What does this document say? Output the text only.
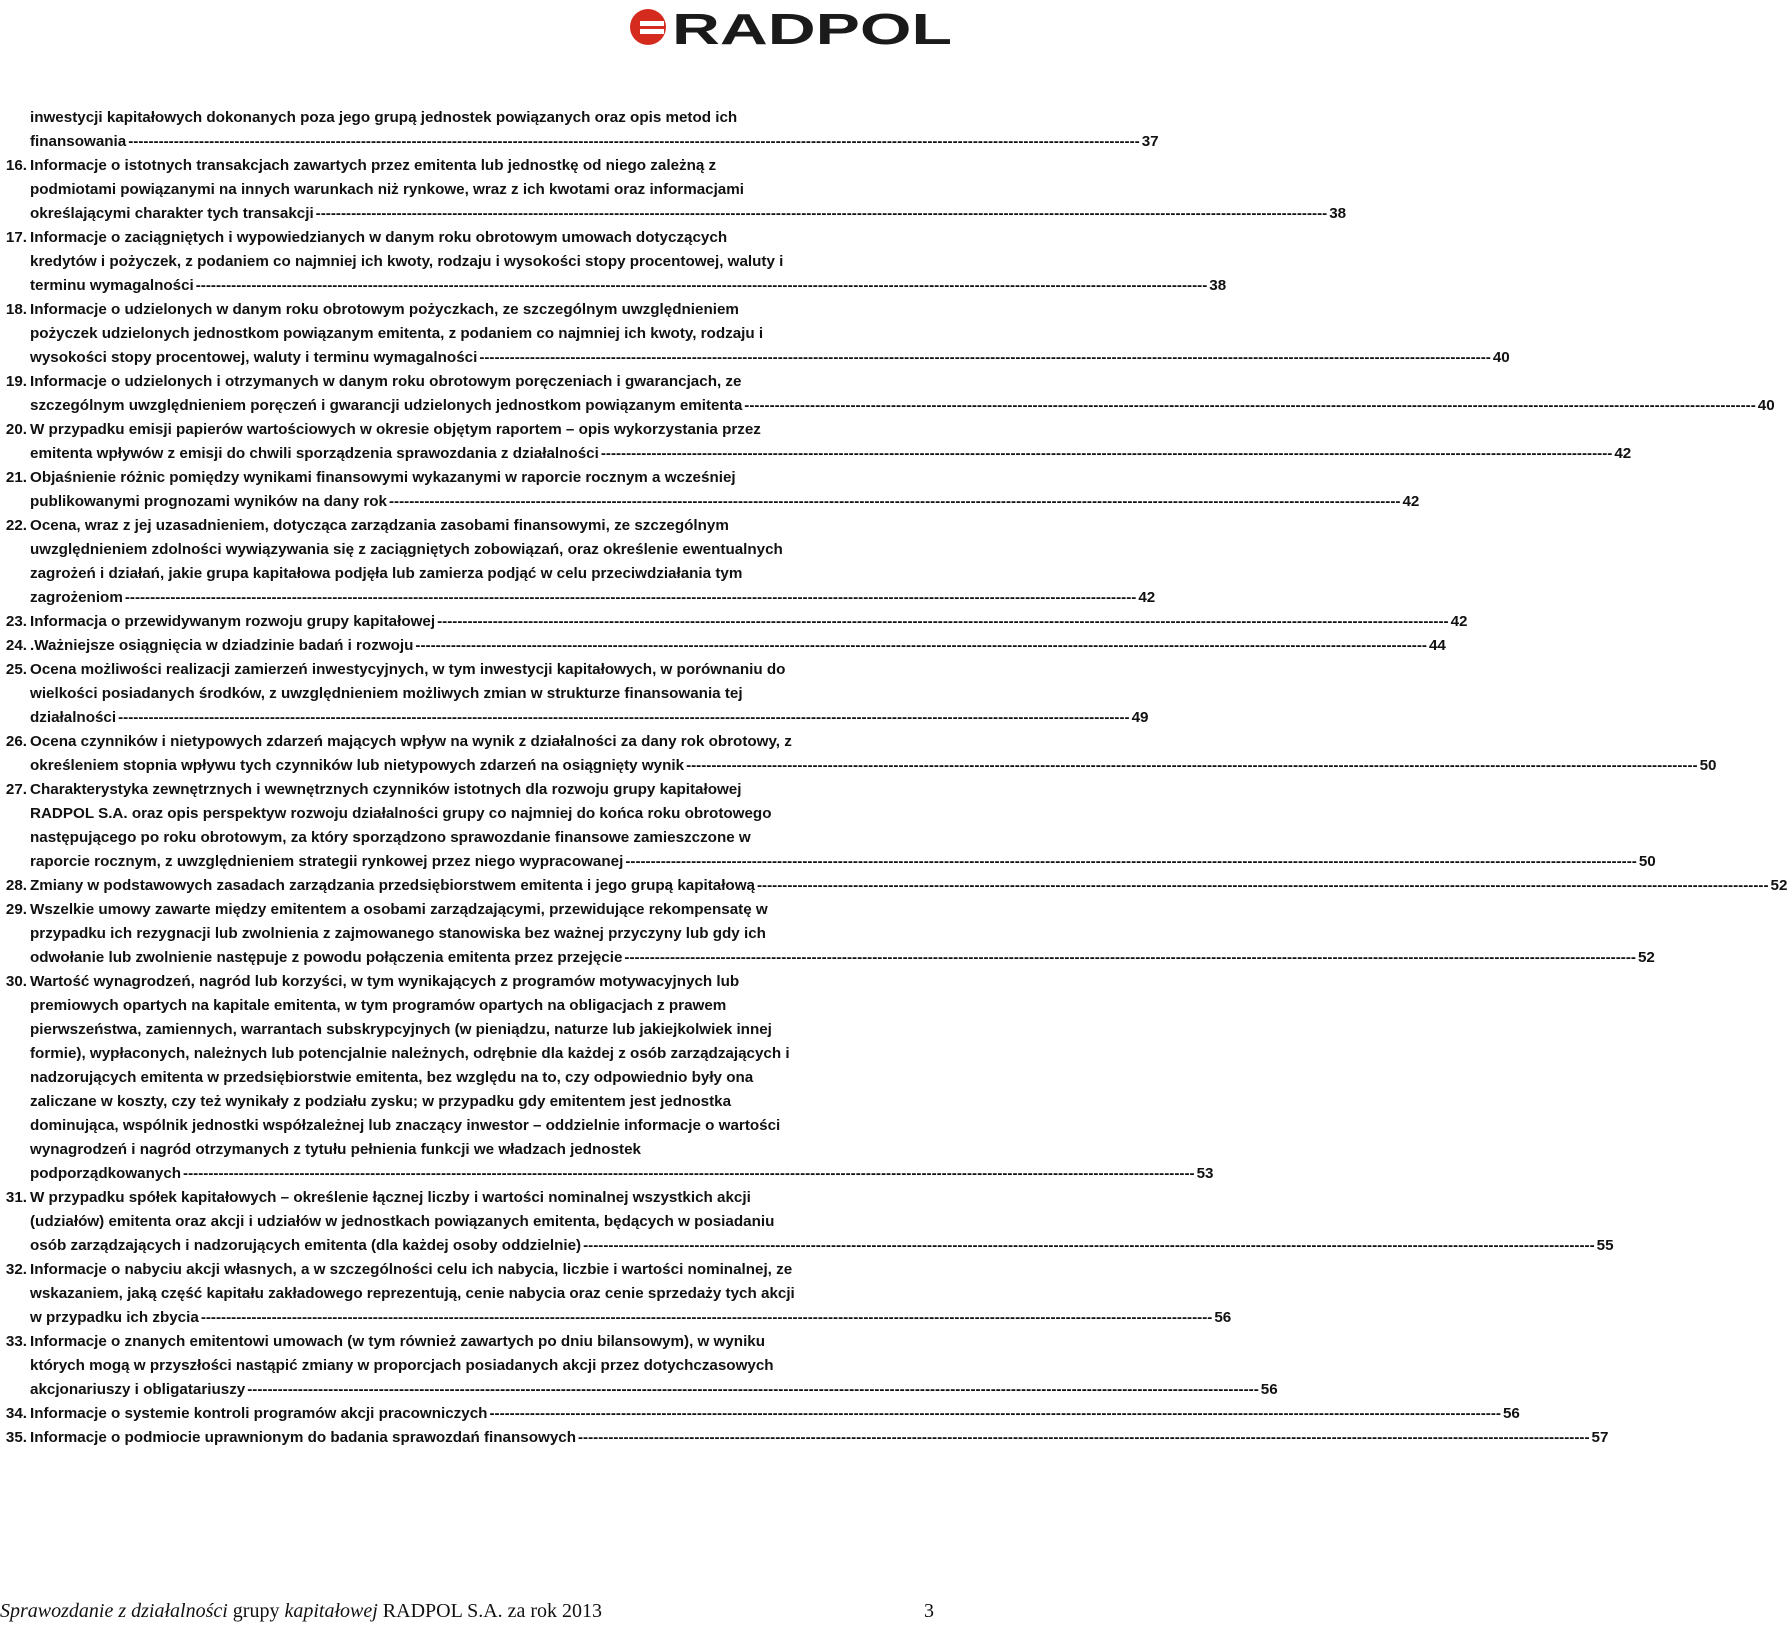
RADPOL
inwestycji kapitałowych dokonanych poza jego grupą jednostek powiązanych oraz opis metod ich
finansowania -------------------------------------------------------------------------------------------------------------------------------------------------------------------------------------------------------- 37
16. Informacje o istotnych transakcjach zawartych przez emitenta lub jednostkę od niego zależną z
podmiotami powiązanymi na innych warunkach niż rynkowe, wraz z ich kwotami oraz informacjami
określającymi charakter tych transakcji -------------------------------------------------------------------------------------------------------------------------------------------------------------------------------------------------------- 38
17. Informacje o zaciągniętych i wypowiedzianych w danym roku obrotowym umowach dotyczących
kredytów i pożyczek, z podaniem co najmniej ich kwoty, rodzaju i wysokości stopy procentowej, waluty i
terminu wymagalności -------------------------------------------------------------------------------------------------------------------------------------------------------------------------------------------------------- 38
18. Informacje o udzielonych w danym roku obrotowym pożyczkach, ze szczególnym uwzględnieniem
pożyczek udzielonych jednostkom powiązanym emitenta, z podaniem co najmniej ich kwoty, rodzaju i
wysokości stopy procentowej, waluty i terminu wymagalności -------------------------------------------------------------------------------------------------------------------------------------------------------------------------------------------------------- 40
19. Informacje o udzielonych i otrzymanych w danym roku obrotowym poręczeniach i gwarancjach, ze
szczególnym uwzględnieniem poręczeń i gwarancji udzielonych jednostkom powiązanym emitenta -------------------------------------------------------------------------------------------------------------------------------------------------------------------------------------------------------- 40
20. W przypadku emisji papierów wartościowych w okresie objętym raportem – opis wykorzystania przez
emitenta wpływów z emisji do chwili sporządzenia sprawozdania z działalności -------------------------------------------------------------------------------------------------------------------------------------------------------------------------------------------------------- 42
21. Objaśnienie różnic pomiędzy wynikami finansowymi wykazanymi w raporcie rocznym a wcześniej
publikowanymi prognozami wyników na dany rok -------------------------------------------------------------------------------------------------------------------------------------------------------------------------------------------------------- 42
22. Ocena, wraz z jej uzasadnieniem, dotycząca zarządzania zasobami finansowymi, ze szczególnym
uwzględnieniem zdolności wywiązywania się z zaciągniętych zobowiązań, oraz określenie ewentualnych
zagrożeń i działań, jakie grupa kapitałowa podjęła lub zamierza podjąć w celu przeciwdziałania tym
zagrożeniom -------------------------------------------------------------------------------------------------------------------------------------------------------------------------------------------------------- 42
23. Informacja o przewidywanym rozwoju grupy kapitałowej -------------------------------------------------------------------------------------------------------------------------------------------------------------------------------------------------------- 42
24. .Ważniejsze osiągnięcia w dziadzinie badań i rozwoju -------------------------------------------------------------------------------------------------------------------------------------------------------------------------------------------------------- 44
25. Ocena możliwości realizacji zamierzeń inwestycyjnych, w tym inwestycji kapitałowych, w porównaniu do
wielkości posiadanych środków, z uwzględnieniem możliwych zmian w strukturze finansowania tej
działalności -------------------------------------------------------------------------------------------------------------------------------------------------------------------------------------------------------- 49
26. Ocena czynników i nietypowych zdarzeń mających wpływ na wynik z działalności za dany rok obrotowy, z
określeniem stopnia wpływu tych czynników lub nietypowych zdarzeń na osiągnięty wynik -------------------------------------------------------------------------------------------------------------------------------------------------------------------------------------------------------- 50
27. Charakterystyka zewnętrznych i wewnętrznych czynników istotnych dla rozwoju grupy kapitałowej
RADPOL S.A. oraz opis perspektyw rozwoju działalności grupy co najmniej do końca roku obrotowego
następującego po roku obrotowym, za który sporządzono sprawozdanie finansowe zamieszczone w
raporcie rocznym, z uwzględnieniem strategii rynkowej przez niego wypracowanej -------------------------------------------------------------------------------------------------------------------------------------------------------------------------------------------------------- 50
28. Zmiany w podstawowych zasadach zarządzania przedsiębiorstwem emitenta i jego grupą kapitałową -------------------------------------------------------------------------------------------------------------------------------------------------------------------------------------------------------- 52
29. Wszelkie umowy zawarte między emitentem a osobami zarządzającymi, przewidujące rekompensatę w
przypadku ich rezygnacji lub zwolnienia z zajmowanego stanowiska bez ważnej przyczyny lub gdy ich
odwołanie lub zwolnienie następuje z powodu połączenia emitenta przez przejęcie -------------------------------------------------------------------------------------------------------------------------------------------------------------------------------------------------------- 52
30. Wartość wynagrodzeń, nagród lub korzyści, w tym wynikających z programów motywacyjnych lub
premiowych opartych na kapitale emitenta, w tym programów opartych na obligacjach z prawem
pierwszeństwa, zamiennych, warrantach subskrypcyjnych (w pieniądzu, naturze lub jakiejkolwiek innej
formie), wypłaconych, należnych lub potencjalnie należnych, odrębnie dla każdej z osób zarządzających i
nadzorujących emitenta w przedsiębiorstwie emitenta, bez względu na to, czy odpowiednio były ona
zaliczane w koszty, czy też wynikały z podziału zysku; w przypadku gdy emitentem jest jednostka
dominująca, wspólnik jednostki współzależnej lub znaczący inwestor – oddzielnie informacje o wartości
wynagrodzeń i nagród otrzymanych z tytułu pełnienia funkcji we władzach jednostek
podporządkowanych -------------------------------------------------------------------------------------------------------------------------------------------------------------------------------------------------------- 53
31. W przypadku spółek kapitałowych – określenie łącznej liczby i wartości nominalnej wszystkich akcji
(udziałów) emitenta oraz akcji i udziałów w jednostkach powiązanych emitenta, będących w posiadaniu
osób zarządzających i nadzorujących emitenta (dla każdej osoby oddzielnie) -------------------------------------------------------------------------------------------------------------------------------------------------------------------------------------------------------- 55
32. Informacje o nabyciu akcji własnych, a w szczególności celu ich nabycia, liczbie i wartości nominalnej, ze
wskazaniem, jaką część kapitału zakładowego reprezentują, cenie nabycia oraz cenie sprzedaży tych akcji
w przypadku ich zbycia -------------------------------------------------------------------------------------------------------------------------------------------------------------------------------------------------------- 56
33. Informacje o znanych emitentowi umowach (w tym również zawartych po dniu bilansowym), w wyniku
których mogą w przyszłości nastąpić zmiany w proporcjach posiadanych akcji przez dotychczasowych
akcjonariuszy i obligatariuszy -------------------------------------------------------------------------------------------------------------------------------------------------------------------------------------------------------- 56
34. Informacje o systemie kontroli programów akcji pracowniczych -------------------------------------------------------------------------------------------------------------------------------------------------------------------------------------------------------- 56
35. Informacje o podmiocie uprawnionym do badania sprawozdań finansowych -------------------------------------------------------------------------------------------------------------------------------------------------------------------------------------------------------- 57
Sprawozdanie z działalności grupy kapitałowej RADPOL S.A. za rok 2013	3
